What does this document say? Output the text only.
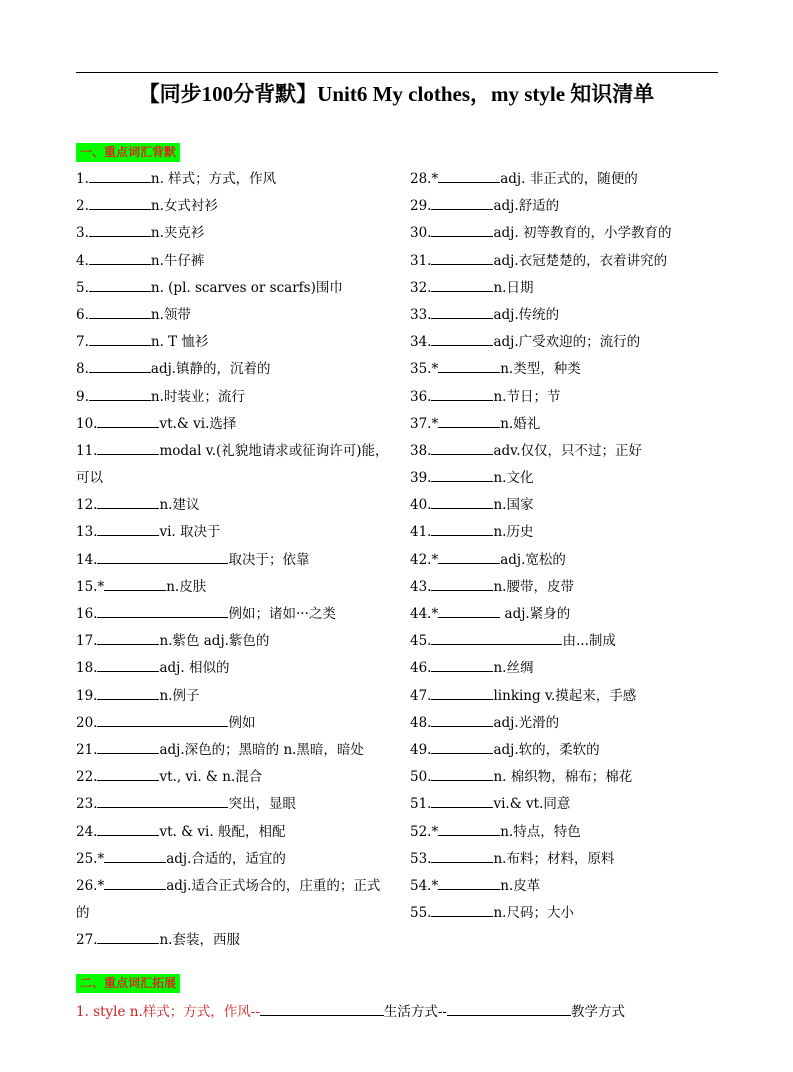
【同步100分背默】Unit6 My clothes，my style 知识清单
一、重点词汇背默
1.	n. 样式；方式，作风
2.	n.女式衬衫
3.	n.夹克衫
4.	n.牛仔裤
5.	n. (pl. scarves or scarfs)围巾
6.	n.领带
7.	n. T 恤衫
8.	adj.镇静的，沉着的
9.	n.时装业；流行
10.	vt.& vi.选择
11.	modal v.(礼貌地请求或征询许可)能，
可以
12.	n.建议
13.	vi. 取决于
14.	取决于；依靠
15.*	n.皮肤
16.	例如；诸如···之类
17.	n.紫色 adj.紫色的
18.	adj. 相似的
19.	n.例子
20.	例如
21.	adj.深色的；黑暗的 n.黑暗，暗处
22.	vt., vi. & n.混合
23.	突出，显眼
24.	vt. & vi. 般配，相配
25.*	adj.合适的，适宜的
26.*	adj.适合正式场合的，庄重的；正式
的
27.	n.套装，西服
28.*	adj. 非正式的，随便的
29.	adj.舒适的
30.	adj. 初等教育的，小学教育的
31.	adj.衣冠楚楚的，衣着讲究的
32.	n.日期
33.	adj.传统的
34.	adj.广受欢迎的；流行的
35.*	n.类型，种类
36.	n.节日；节
37.*	n.婚礼
38.	adv.仅仅，只不过；正好
39.	n.文化
40.	n.国家
41.	n.历史
42.*	adj.宽松的
43.	n.腰带，皮带
44.*	adj.紧身的
45.	由...制成
46.	n.丝绸
47.	linking v.摸起来，手感
48.	adj.光滑的
49.	adj.软的，柔软的
50.	n. 棉织物，棉布；棉花
51.	vi.& vt.同意
52.*	n.特点，特色
53.	n.布料；材料，原料
54.*	n.皮革
55.	n.尺码；大小
二、重点词汇拓展
1. style n.样式；方式，作风--	生活方式--	教学方式
